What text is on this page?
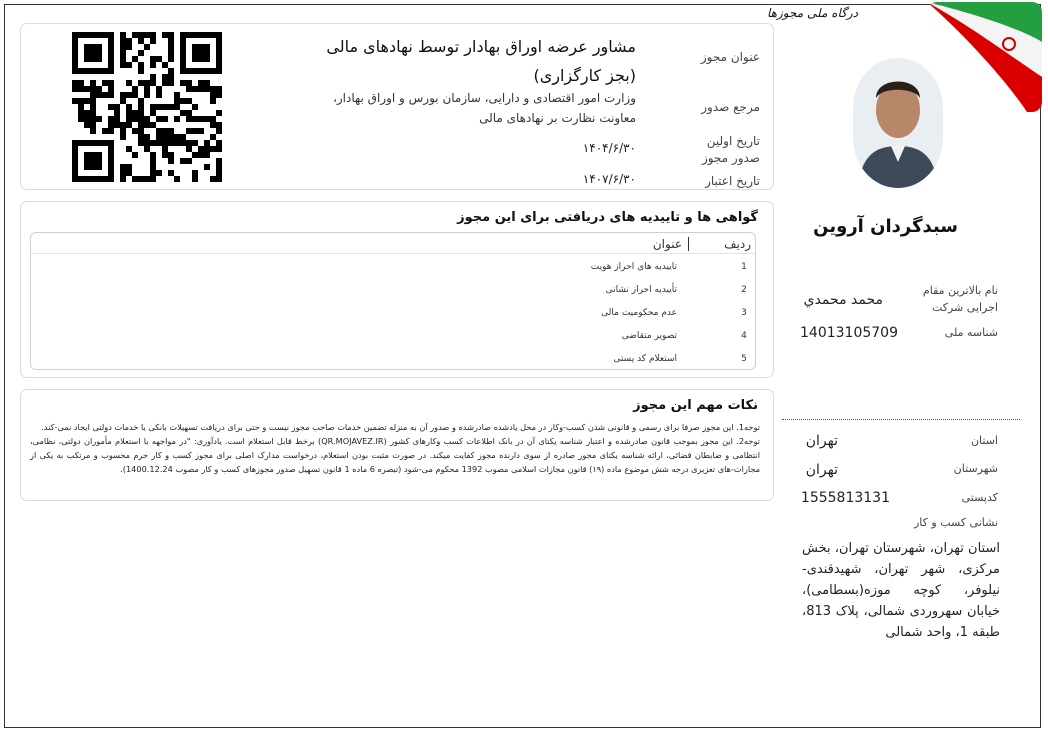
درگاه ملی مجوزها
سبدگردان آروین
نام بالاترین مقام اجرایی شرکت
محمد محمدي
شناسه ملی
14013105709
استان
تهران
شهرستان
تهران
کدپستی
1555813131
نشانی کسب و کار
استان تهران، شهرستان تهران، بخش مرکزی، شهر تهران، شهیدقندی-نیلوفر، کوچه موزه(بسطامی)، خیابان سهروردی شمالی، پلاک 813، طبقه 1، واحد شمالی
عنوان مجوز
مشاور عرضه اوراق بهادار توسط نهادهای مالی (بجز کارگزاری)
مرجع صدور
وزارت امور اقتصادی و دارایی، سازمان بورس و اوراق بهادار، معاونت نظارت بر نهادهای مالی
تاریخ اولین صدور مجوز
۱۴۰۴/۶/۳۰
تاریخ اعتبار
۱۴۰۷/۶/۳۰
گواهی ها و تاییدیه های دریافتی برای این مجوز
ردیف
عنوان
1
تاییدیه های احراز هویت
2
تأییدیه احراز نشانی
3
عدم محکومیت مالی
4
تصویر متقاضی
5
استعلام کد پستی
نکات مهم این مجوز
توجه1. این مجوز صرفا برای رسمی و قانونی شدن کسب-وکار در محل یادشده صادرشده و صدور آن به منزله تضمین خدمات صاحب مجوز نیست و حتی برای دریافت تسهیلات بانکی یا خدمات دولتی ایجاد نمی-کند.
توجه2. این مجوز بموجب قانون صادرشده و اعتبار شناسه یکتای آن در بانک اطلاعات کسب وکارهای کشور (QR.MOJAVEZ.IR) برخط قابل استعلام است. یادآوری: "در مواجهه با استعلام مأموران دولتی، نظامی، انتظامی و ضابطان قضائی، ارائه شناسه یکتای مجوز صادره از سوی دارنده مجوز کفایت میکند. در صورت مثبت بودن استعلام، درخواست مدارک اصلی برای مجوز کسب و کار جرم محسوب و مرتکب به یکی از مجازات-های تعزیری درجه شش موضوع ماده (۱۹) قانون مجازات اسلامی مصوب 1392 محکوم می-شود (تبصره 6 ماده 1 قانون تسهیل صدور مجوزهای کسب و کار مصوب 1400.12.24).
